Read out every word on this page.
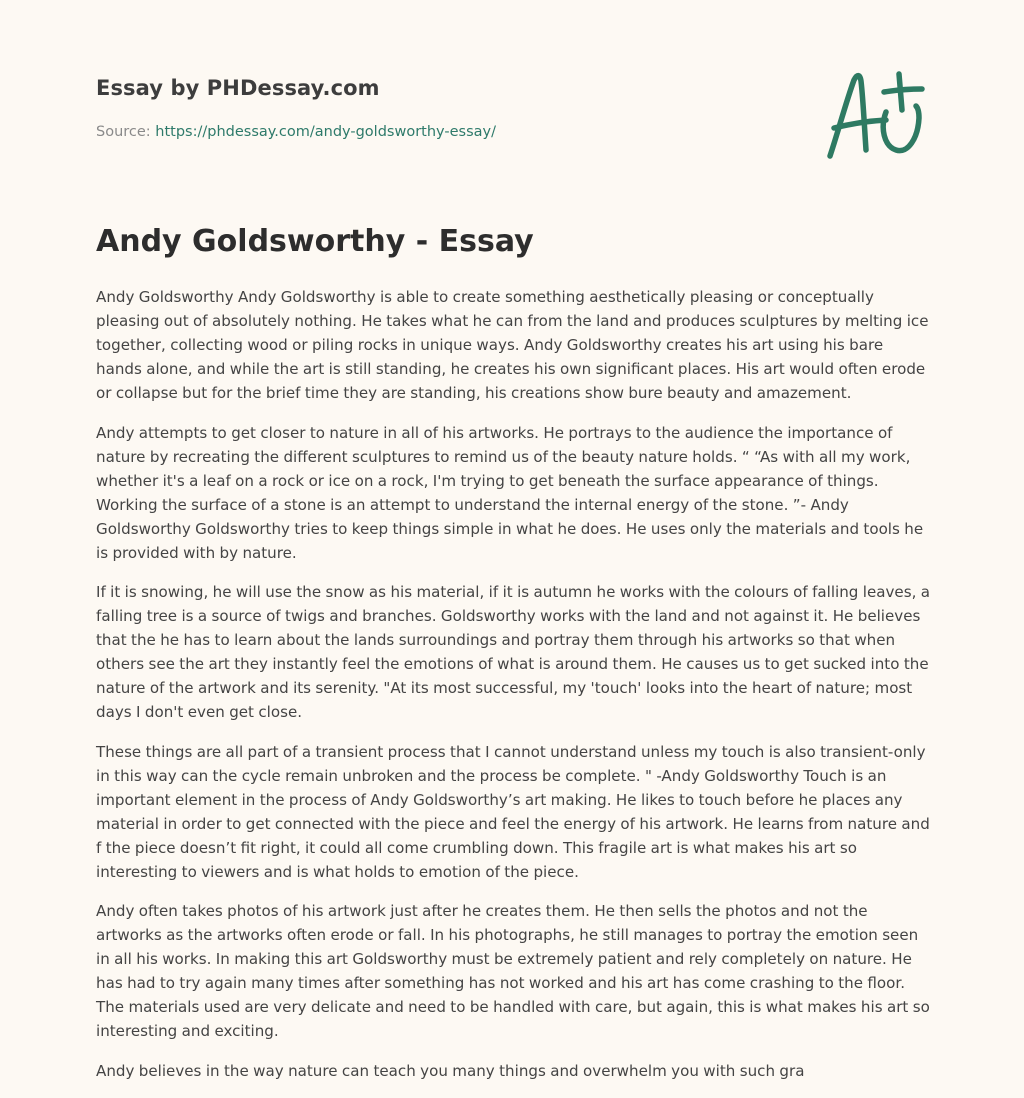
Essay by PHDessay.com

Source: https://phdessay.com/andy-goldsworthy-essay/

Andy Goldsworthy - Essay

Andy Goldsworthy Andy Goldsworthy is able to create something aesthetically pleasing or conceptually pleasing out of absolutely nothing. He takes what he can from the land and produces sculptures by melting ice together, collecting wood or piling rocks in unique ways. Andy Goldsworthy creates his art using his bare hands alone, and while the art is still standing, he creates his own significant places. His art would often erode or collapse but for the brief time they are standing, his creations show bure beauty and amazement.

Andy attempts to get closer to nature in all of his artworks. He portrays to the audience the importance of nature by recreating the different sculptures to remind us of the beauty nature holds. “ “As with all my work, whether it's a leaf on a rock or ice on a rock, I'm trying to get beneath the surface appearance of things. Working the surface of a stone is an attempt to understand the internal energy of the stone. ”- Andy Goldsworthy Goldsworthy tries to keep things simple in what he does. He uses only the materials and tools he is provided with by nature.

If it is snowing, he will use the snow as his material, if it is autumn he works with the colours of falling leaves, a falling tree is a source of twigs and branches. Goldsworthy works with the land and not against it. He believes that the he has to learn about the lands surroundings and portray them through his artworks so that when others see the art they instantly feel the emotions of what is around them. He causes us to get sucked into the nature of the artwork and its serenity. "At its most successful, my 'touch' looks into the heart of nature; most days I don't even get close.

These things are all part of a transient process that I cannot understand unless my touch is also transient-only in this way can the cycle remain unbroken and the process be complete. " -Andy Goldsworthy Touch is an important element in the process of Andy Goldsworthy’s art making. He likes to touch before he places any material in order to get connected with the piece and feel the energy of his artwork. He learns from nature and f the piece doesn’t fit right, it could all come crumbling down. This fragile art is what makes his art so interesting to viewers and is what holds to emotion of the piece.

Andy often takes photos of his artwork just after he creates them. He then sells the photos and not the artworks as the artworks often erode or fall. In his photographs, he still manages to portray the emotion seen in all his works. In making this art Goldsworthy must be extremely patient and rely completely on nature. He has had to try again many times after something has not worked and his art has come crashing to the floor. The materials used are very delicate and need to be handled with care, but again, this is what makes his art so interesting and exciting.

Andy believes in the way nature can teach you many things and overwhelm you with such gra
